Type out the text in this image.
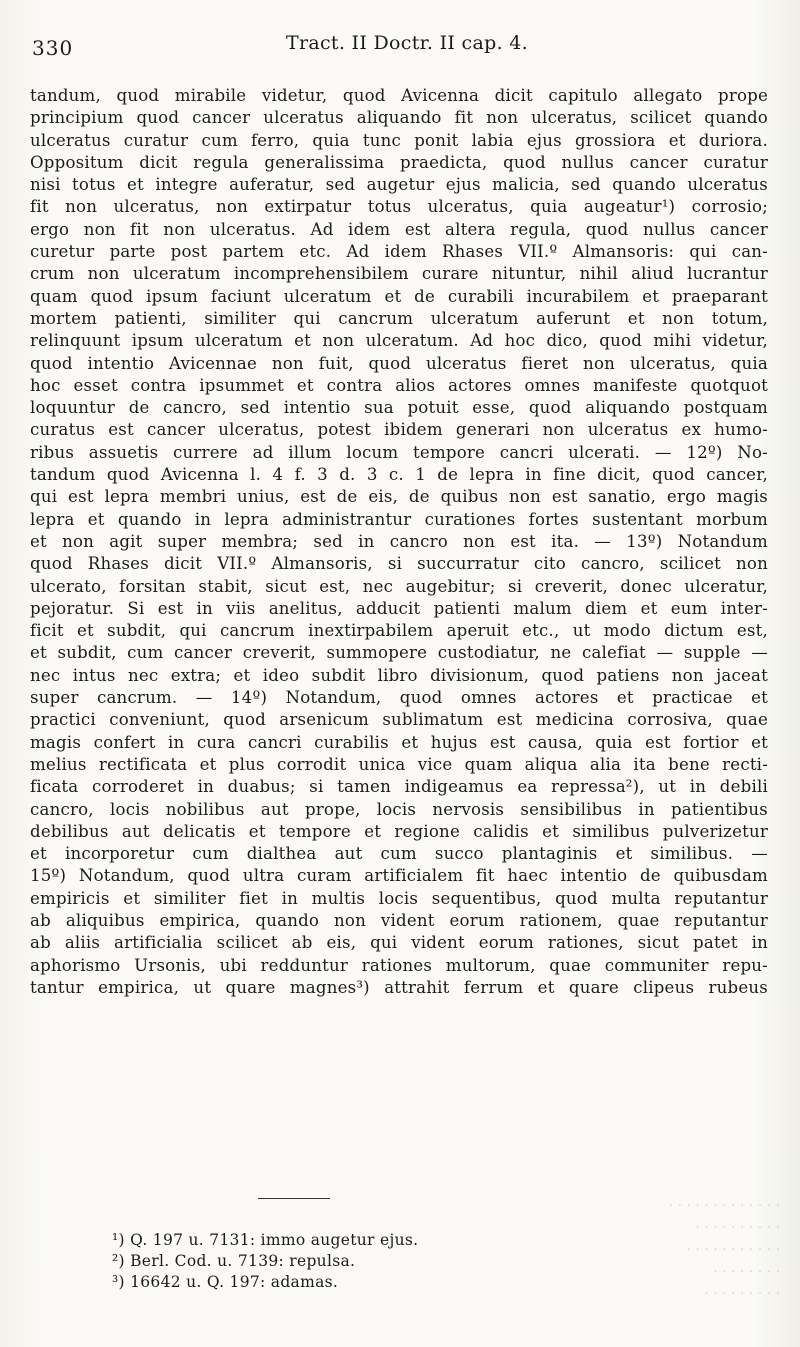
330	Tract. II Doctr. II cap. 4.
tandum, quod mirabile videtur, quod Avicenna dicit capitulo allegato prope
principium quod cancer ulceratus aliquando fit non ulceratus, scilicet quando
ulceratus curatur cum ferro, quia tunc ponit labia ejus grossiora et duriora.
Oppositum dicit regula generalissima praedicta, quod nullus cancer curatur
nisi totus et integre auferatur, sed augetur ejus malicia, sed quando ulceratus
fit non ulceratus, non extirpatur totus ulceratus, quia augeatur¹) corrosio;
ergo non fit non ulceratus. Ad idem est altera regula, quod nullus cancer
curetur parte post partem etc. Ad idem Rhases VII.º Almansoris: qui can-
crum non ulceratum incomprehensibilem curare nituntur, nihil aliud lucrantur
quam quod ipsum faciunt ulceratum et de curabili incurabilem et praeparant
mortem patienti, similiter qui cancrum ulceratum auferunt et non totum,
relinquunt ipsum ulceratum et non ulceratum. Ad hoc dico, quod mihi videtur,
quod intentio Avicennae non fuit, quod ulceratus fieret non ulceratus, quia
hoc esset contra ipsummet et contra alios actores omnes manifeste quotquot
loquuntur de cancro, sed intentio sua potuit esse, quod aliquando postquam
curatus est cancer ulceratus, potest ibidem generari non ulceratus ex humo-
ribus assuetis currere ad illum locum tempore cancri ulcerati. — 12º) No-
tandum quod Avicenna l. 4 f. 3 d. 3 c. 1 de lepra in fine dicit, quod cancer,
qui est lepra membri unius, est de eis, de quibus non est sanatio, ergo magis
lepra et quando in lepra administrantur curationes fortes sustentant morbum
et non agit super membra; sed in cancro non est ita. — 13º) Notandum
quod Rhases dicit VII.º Almansoris, si succurratur cito cancro, scilicet non
ulcerato, forsitan stabit, sicut est, nec augebitur; si creverit, donec ulceratur,
pejoratur. Si est in viis anelitus, adducit patienti malum diem et eum inter-
ficit et subdit, qui cancrum inextirpabilem aperuit etc., ut modo dictum est,
et subdit, cum cancer creverit, summopere custodiatur, ne calefiat — supple —
nec intus nec extra; et ideo subdit libro divisionum, quod patiens non jaceat
super cancrum. — 14º) Notandum, quod omnes actores et practicae et
practici conveniunt, quod arsenicum sublimatum est medicina corrosiva, quae
magis confert in cura cancri curabilis et hujus est causa, quia est fortior et
melius rectificata et plus corrodit unica vice quam aliqua alia ita bene recti-
ficata corroderet in duabus; si tamen indigeamus ea repressa²), ut in debili
cancro, locis nobilibus aut prope, locis nervosis sensibilibus in patientibus
debilibus aut delicatis et tempore et regione calidis et similibus pulverizetur
et incorporetur cum dialthea aut cum succo plantaginis et similibus. —
15º) Notandum, quod ultra curam artificialem fit haec intentio de quibusdam
empiricis et similiter fiet in multis locis sequentibus, quod multa reputantur
ab aliquibus empirica, quando non vident eorum rationem, quae reputantur
ab aliis artificialia scilicet ab eis, qui vident eorum rationes, sicut patet in
aphorismo Ursonis, ubi redduntur rationes multorum, quae communiter repu-
tantur empirica, ut quare magnes³) attrahit ferrum et quare clipeus rubeus
¹) Q. 197 u. 7131: immo augetur ejus.
²) Berl. Cod. u. 7139: repulsa.
³) 16642 u. Q. 197: adamas.
· · · · · · · · · · · · ·
· · · · · · · · · ·
· · · · · · · · · · ·
· · · · · · · ·
· · · · · · · · ·
